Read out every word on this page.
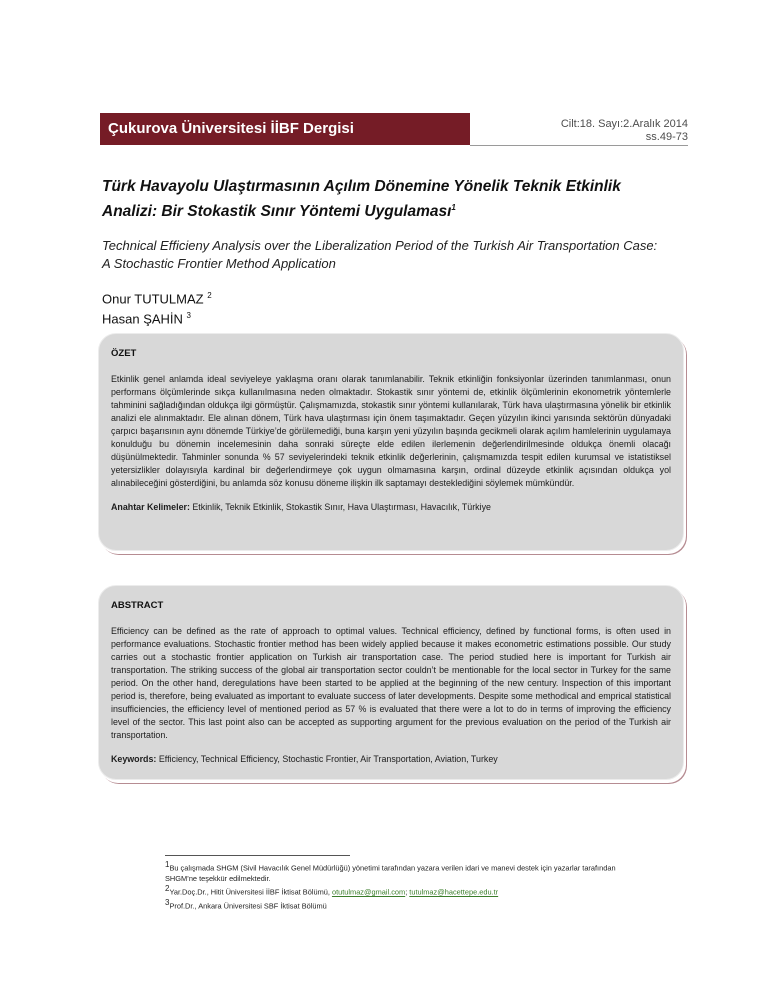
Çukurova Üniversitesi İİBF Dergisi	Cilt:18. Sayı:2.Aralık 2014
ss.49-73
Türk Havayolu Ulaştırmasının Açılım Dönemine Yönelik Teknik Etkinlik Analizi: Bir Stokastik Sınır Yöntemi Uygulaması$^1$
Technical Efficieny Analysis over the Liberalization Period of the Turkish Air Transportation Case: A Stochastic Frontier Method Application
Onur TUTULMAZ $^2$
Hasan ŞAHİN $^3$
ÖZET
Etkinlik genel anlamda ideal seviyeleye yaklaşma oranı olarak tanımlanabilir. Teknik etkinliğin fonksiyonlar üzerinden tanımlanması, onun performans ölçümlerinde sıkça kullanılmasına neden olmaktadır. Stokastik sınır yöntemi de, etkinlik ölçümlerinin ekonometrik yöntemlerle tahminini sağladığından oldukça ilgi görmüştür. Çalışmamızda, stokastik sınır yöntemi kullanılarak, Türk hava ulaştırmasına yönelik bir etkinlik analizi ele alınmaktadır. Ele alınan dönem, Türk hava ulaştırması için önem taşımaktadır. Geçen yüzyılın ikinci yarısında sektörün dünyadaki çarpıcı başarısının aynı dönemde Türkiye’de görülemediği, buna karşın yeni yüzyılın başında gecikmeli olarak açılım hamlelerinin uygulamaya konulduğu bu dönemin incelemesinin daha sonraki süreçte elde edilen ilerlemenin değerlendirilmesinde oldukça önemli olacağı düşünülmektedir. Tahminler sonunda % 57 seviyelerindeki teknik etkinlik değerlerinin, çalışmamızda tespit edilen kurumsal ve istatistiksel yetersizlikler dolayısıyla kardinal bir değerlendirmeye çok uygun olmamasına karşın, ordinal düzeyde etkinlik açısından oldukça yol alınabileceğini gösterdiğini, bu anlamda söz konusu döneme ilişkin ilk saptamayı desteklediğini söylemek mümkündür.
Anahtar Kelimeler: Etkinlik, Teknik Etkinlik, Stokastik Sınır, Hava Ulaştırması, Havacılık, Türkiye
ABSTRACT
Efficiency can be defined as the rate of approach to optimal values. Technical efficiency, defined by functional forms, is often used in performance evaluations. Stochastic frontier method has been widely applied because it makes econometric estimations possible. Our study carries out a stochastic frontier application on Turkish air transportation case. The period studied here is important for Turkish air transportation. The striking success of the global air transportation sector couldn’t be mentionable for the local sector in Turkey for the same period. On the other hand, deregulations have been started to be applied at the beginning of the new century. Inspection of this important period is, therefore, being evaluated as important to evaluate success of later developments. Despite some methodical and emprical statistical insufficiencies, the efficiency level of mentioned period as 57 % is evaluated that there were a lot to do in terms of improving the efficiency level of the sector. This last point also can be accepted as supporting argument for the previous evaluation on the period of the Turkish air transportation.
Keywords: Efficiency, Technical Efficiency, Stochastic Frontier, Air Transportation, Aviation, Turkey
$^1$Bu çalışmada SHGM (Sivil Havacılık Genel Müdürlüğü) yönetimi tarafından yazara verilen idari ve manevi destek için yazarlar tarafından SHGM’ne teşekkür edilmektedir.
$^2$Yar.Doç.Dr., Hitit Üniversitesi İİBF İktisat Bölümü, otutulmaz@gmail.com; tutulmaz@hacettepe.edu.tr
$^3$Prof.Dr., Ankara Üniversitesi SBF İktisat Bölümü
